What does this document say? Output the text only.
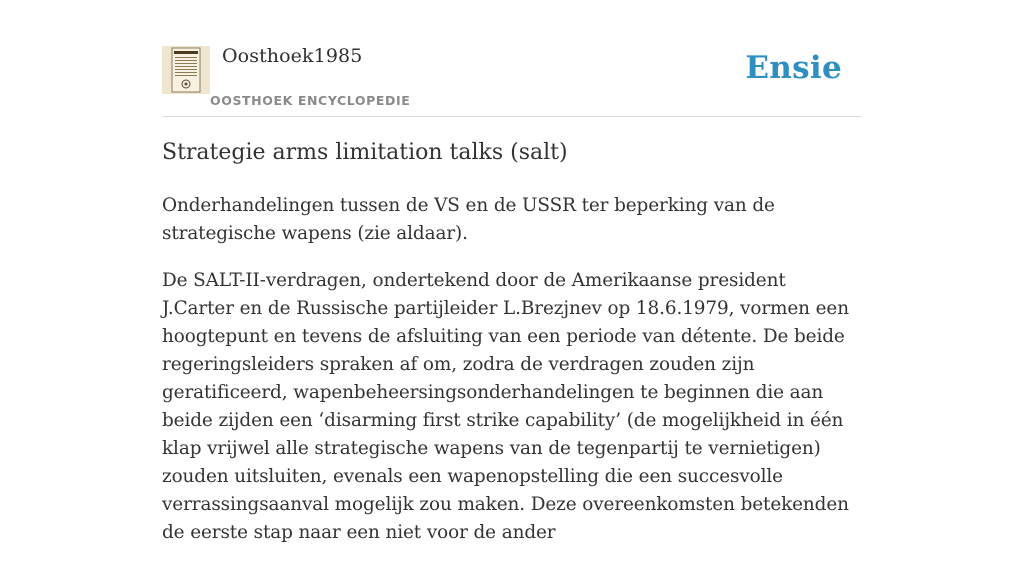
Oosthoek1985
OOSTHOEK ENCYCLOPEDIE
Ensie
Strategie arms limitation talks (salt)

Onderhandelingen tussen de VS en de USSR ter beperking van de strategische wapens (zie aldaar).

De SALT-II-verdragen, ondertekend door de Amerikaanse president J.Carter en de Russische partijleider L.Brezjnev op 18.6.1979, vormen een hoogtepunt en tevens de afsluiting van een periode van détente. De beide regeringsleiders spraken af om, zodra de verdragen zouden zijn geratificeerd, wapenbeheersingsonderhandelingen te beginnen die aan beide zijden een ‘disarming first strike capability’ (de mogelijkheid in één klap vrijwel alle strategische wapens van de tegenpartij te vernietigen) zouden uitsluiten, evenals een wapenopstelling die een succesvolle verrassingsaanval mogelijk zou maken. Deze overeenkomsten betekenden de eerste stap naar een niet voor de ander
